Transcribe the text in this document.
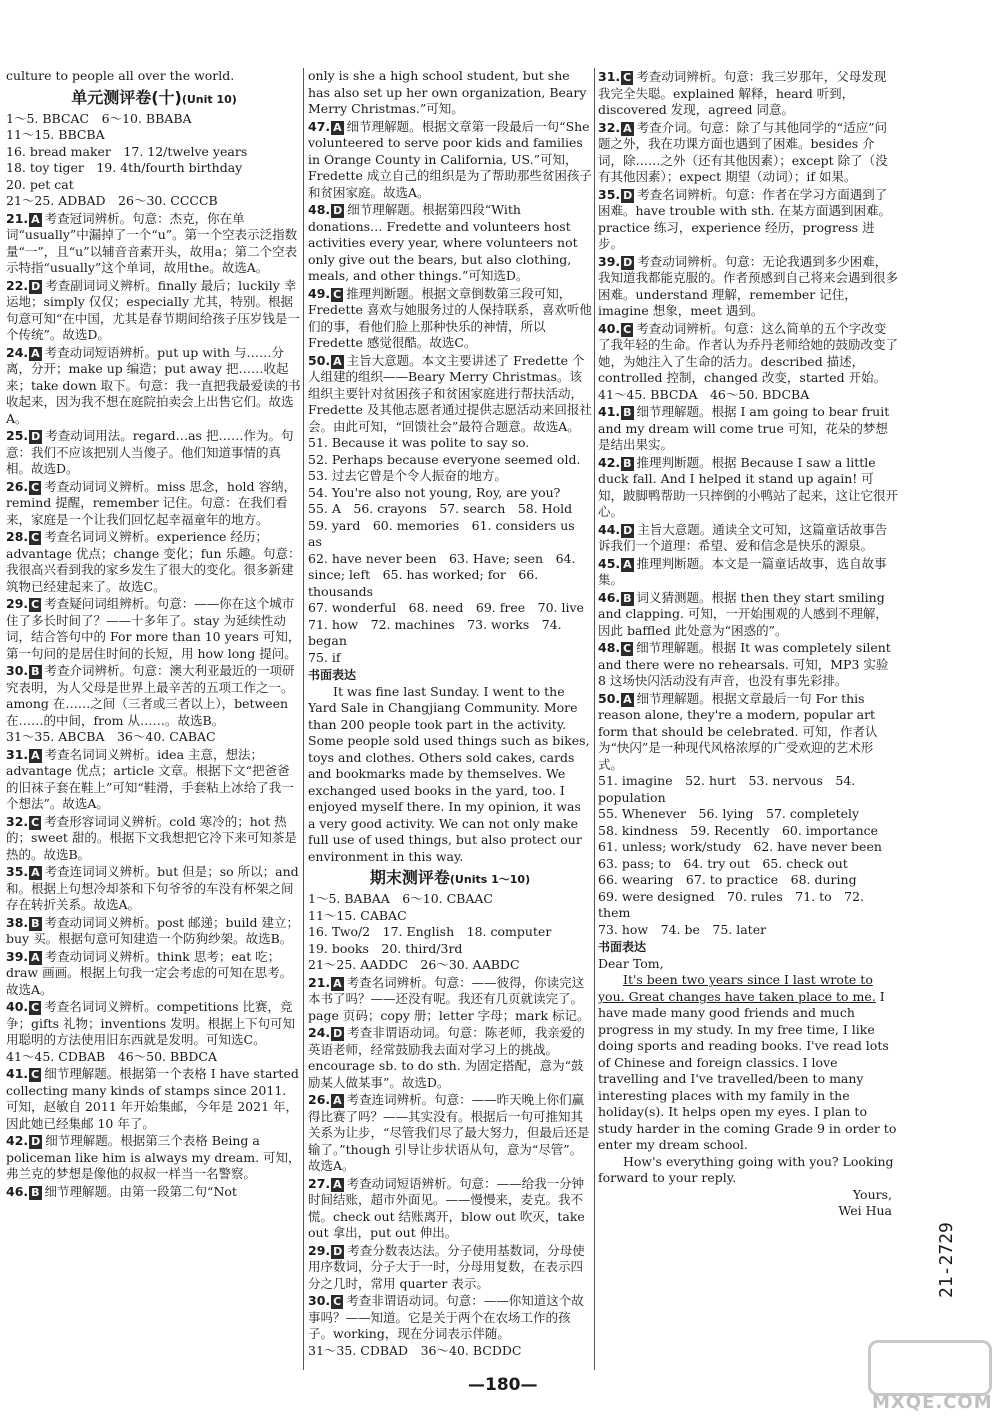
culture to people all over the world.
单元测评卷(十)(Unit 10)
1～5. BBCAC　6～10. BBABA
11～15. BBCBA
16. bread maker　17. 12/twelve years
18. toy tiger　19. 4th/fourth birthday
20. pet cat
21～25. ADBAD　26～30. CCCCB
21. A 考查冠词辨析。句意：杰克，你在单词“usually”中漏掉了一个“u”。第一个空表示泛指数量“一”，且“u”以辅音音素开头，故用a；第二个空表示特指“usually”这个单词，故用the。故选A。
22. D 考查副词词义辨析。finally 最后；luckily 幸运地；simply 仅仅；especially 尤其，特别。根据句意可知“在中国，尤其是春节期间给孩子压岁钱是一个传统”。故选D。
24. A 考查动词短语辨析。put up with 与……分离，分开；make up 编造；put away 把……收起来；take down 取下。句意：我一直把我最爱读的书收起来，因为我不想在庭院拍卖会上出售它们。故选A。
25. D 考查动词用法。regard…as 把……作为。句意：我们不应该把别人当傻子。他们知道事情的真相。故选D。
26. C 考查动词词义辨析。miss 思念，hold 容纳，remind 提醒，remember 记住。句意：在我们看来，家庭是一个让我们回忆起幸福童年的地方。
28. C 考查名词词义辨析。experience 经历；advantage 优点；change 变化；fun 乐趣。句意：我很高兴看到我的家乡发生了很大的变化。很多新建筑物已经建起来了。故选C。
29. C 考查疑问词组辨析。句意：——你在这个城市住了多长时间了？——十多年了。stay 为延续性动词，结合答句中的 For more than 10 years 可知，第一句问的是居住时间的长短，用 how long 提问。
30. B 考查介词辨析。句意：澳大利亚最近的一项研究表明，为人父母是世界上最辛苦的五项工作之一。among 在……之间（三者或三者以上），between 在……的中间，from 从……。故选B。
31～35. ABCBA　36～40. CABAC
31. A 考查名词词义辨析。idea 主意，想法；advantage 优点；article 文章。根据下文“把爸爸的旧袜子套在鞋上”可知“鞋滑，手套粘上冰给了我一个想法”。故选A。
32. C 考查形容词词义辨析。cold 寒冷的；hot 热的；sweet 甜的。根据下文我想把它冷下来可知茶是热的。故选B。
35. A 考查连词词义辨析。but 但是；so 所以；and 和。根据上句想冷却茶和下句爷爷的车没有杯架之间存在转折关系。故选A。
38. B 考查动词词义辨析。post 邮递；build 建立；buy 买。根据句意可知建造一个防狗纱架。故选B。
39. A 考查动词词义辨析。think 思考；eat 吃；draw 画画。根据上句我一定会考虑的可知在思考。故选A。
40. C 考查名词词义辨析。competitions 比赛，竞争；gifts 礼物；inventions 发明。根据上下句可知用聪明的方法使用旧东西就是发明。可知选C。
41～45. CDBAB　46～50. BBDCA
41. C 细节理解题。根据第一个表格 I have started collecting many kinds of stamps since 2011. 可知，赵敏自 2011 年开始集邮，今年是 2021 年，因此她已经集邮 10 年了。
42. D 细节理解题。根据第三个表格 Being a policeman like him is always my dream. 可知，弗兰克的梦想是像他的叔叔一样当一名警察。
46. B 细节理解题。由第一段第二句“Not
only is she a high school student, but she has also set up her own organization, Beary Merry Christmas.”可知。
47. A 细节理解题。根据文章第一段最后一句“She volunteered to serve poor kids and families in Orange County in California, US.”可知，Fredette 成立自己的组织是为了帮助那些贫困孩子和贫困家庭。故选A。
48. D 细节理解题。根据第四段“With donations… Fredette and volunteers host activities every year, where volunteers not only give out the bears, but also clothing, meals, and other things.”可知选D。
49. C 推理判断题。根据文章倒数第三段可知，Fredette 喜欢与她服务过的人保持联系，喜欢听他们的事，看他们脸上那种快乐的神情，所以 Fredette 感觉很酷。故选C。
50. A 主旨大意题。本文主要讲述了 Fredette 个人组建的组织——Beary Merry Christmas。该组织主要针对贫困孩子和贫困家庭进行帮扶活动，Fredette 及其他志愿者通过提供志愿活动来回报社会。由此可知，“回馈社会”最符合题意。故选A。
51. Because it was polite to say so.
52. Perhaps because everyone seemed old.
53. 过去它曾是个令人振奋的地方。
54. You're also not young, Roy, are you?
55. A　56. crayons　57. search　58. Hold
59. yard　60. memories　61. considers us as
62. have never been　63. Have; seen　64. since; left　65. has worked; for　66. thousands
67. wonderful　68. need　69. free　70. live
71. how　72. machines　73. works　74. began
75. if
书面表达
It was fine last Sunday. I went to the Yard Sale in Changjiang Community. More than 200 people took part in the activity. Some people sold used things such as bikes, toys and clothes. Others sold cakes, cards and bookmarks made by themselves. We exchanged used books in the yard, too. I enjoyed myself there. In my opinion, it was a very good activity. We can not only make full use of used things, but also protect our environment in this way.
期末测评卷(Units 1～10)
1～5. BABAA　6～10. CBAAC
11～15. CABAC
16. Two/2　17. English　18. computer
19. books　20. third/3rd
21～25. AADDC　26～30. AABDC
21. A 考查名词辨析。句意：——彼得，你读完这本书了吗？——还没有呢。我还有几页就读完了。page 页码；copy 册；letter 字母；mark 标记。
24. D 考查非谓语动词。句意：陈老师，我亲爱的英语老师，经常鼓励我去面对学习上的挑战。encourage sb. to do sth. 为固定搭配，意为“鼓励某人做某事”。故选D。
26. A 考查连词辨析。句意：——昨天晚上你们赢得比赛了吗？——其实没有。根据后一句可推知其关系为让步，“尽管我们尽了最大努力，但最后还是输了。”though 引导让步状语从句，意为“尽管”。故选A。
27. A 考查动词短语辨析。句意：——给我一分钟时间结账，超市外面见。——慢慢来，麦克。我不慌。check out 结账离开，blow out 吹灭，take out 拿出，put out 伸出。
29. D 考查分数表达法。分子使用基数词，分母使用序数词，分子大于一时，分母用复数，在表示四分之几时，常用 quarter 表示。
30. C 考查非谓语动词。句意：——你知道这个故事吗？——知道。它是关于两个在农场工作的孩子。working，现在分词表示伴随。
31～35. CDBAD　36～40. BCDDC
31. C 考查动词辨析。句意：我三岁那年，父母发现我完全失聪。explained 解释，heard 听到，discovered 发现，agreed 同意。
32. A 考查介词。句意：除了与其他同学的“适应”问题之外，我在功课方面也遇到了困难。besides 介词，除……之外（还有其他因素）；except 除了（没有其他因素）；expect 期望（动词）；if 如果。
35. D 考查名词辨析。句意：作者在学习方面遇到了困难。have trouble with sth. 在某方面遇到困难。practice 练习，experience 经历，progress 进步。
39. D 考查动词辨析。句意：无论我遇到多少困难，我知道我都能克服的。作者预感到自己将来会遇到很多困难。understand 理解，remember 记住，imagine 想象，meet 遇到。
40. C 考查动词辨析。句意：这么简单的五个字改变了我年轻的生命。作者认为乔丹老师给她的鼓励改变了她，为她注入了生命的活力。described 描述，controlled 控制，changed 改变，started 开始。
41～45. BBCDA　46～50. BDCBA
41. B 细节理解题。根据 I am going to bear fruit and my dream will come true 可知，花朵的梦想是结出果实。
42. B 推理判断题。根据 Because I saw a little duck fall. And I helped it stand up again! 可知，跛脚鸭帮助一只摔倒的小鸭站了起来，这让它很开心。
44. D 主旨大意题。通读全文可知，这篇童话故事告诉我们一个道理：希望、爱和信念是快乐的源泉。
45. A 推理判断题。本文是一篇童话故事，选自故事集。
46. B 词义猜测题。根据 then they start smiling and clapping. 可知，一开始围观的人感到不理解，因此 baffled 此处意为“困惑的”。
48. C 细节理解题。根据 It was completely silent and there were no rehearsals. 可知，MP3 实验 8 这场快闪活动没有声音，也没有事先彩排。
50. A 细节理解题。根据文章最后一句 For this reason alone, they're a modern, popular art form that should be celebrated. 可知，作者认为“快闪”是一种现代风格浓厚的广受欢迎的艺术形式。
51. imagine　52. hurt　53. nervous　54. population
55. Whenever　56. lying　57. completely
58. kindness　59. Recently　60. importance
61. unless; work/study　62. have never been
63. pass; to　64. try out　65. check out
66. wearing　67. to practice　68. during
69. were designed　70. rules　71. to　72. them
73. how　74. be　75. later
书面表达
Dear Tom,
It's been two years since I last wrote to you. Great changes have taken place to me. I have made many good friends and much progress in my study. In my free time, I like doing sports and reading books. I've read lots of Chinese and foreign classics. I love travelling and I've travelled/been to many interesting places with my family in the holiday(s). It helps open my eyes. I plan to study harder in the coming Grade 9 in order to enter my dream school.
How's everything going with you? Looking forward to your reply.
Yours,
Wei Hua
—180—
21-2729
MXQE.COM
